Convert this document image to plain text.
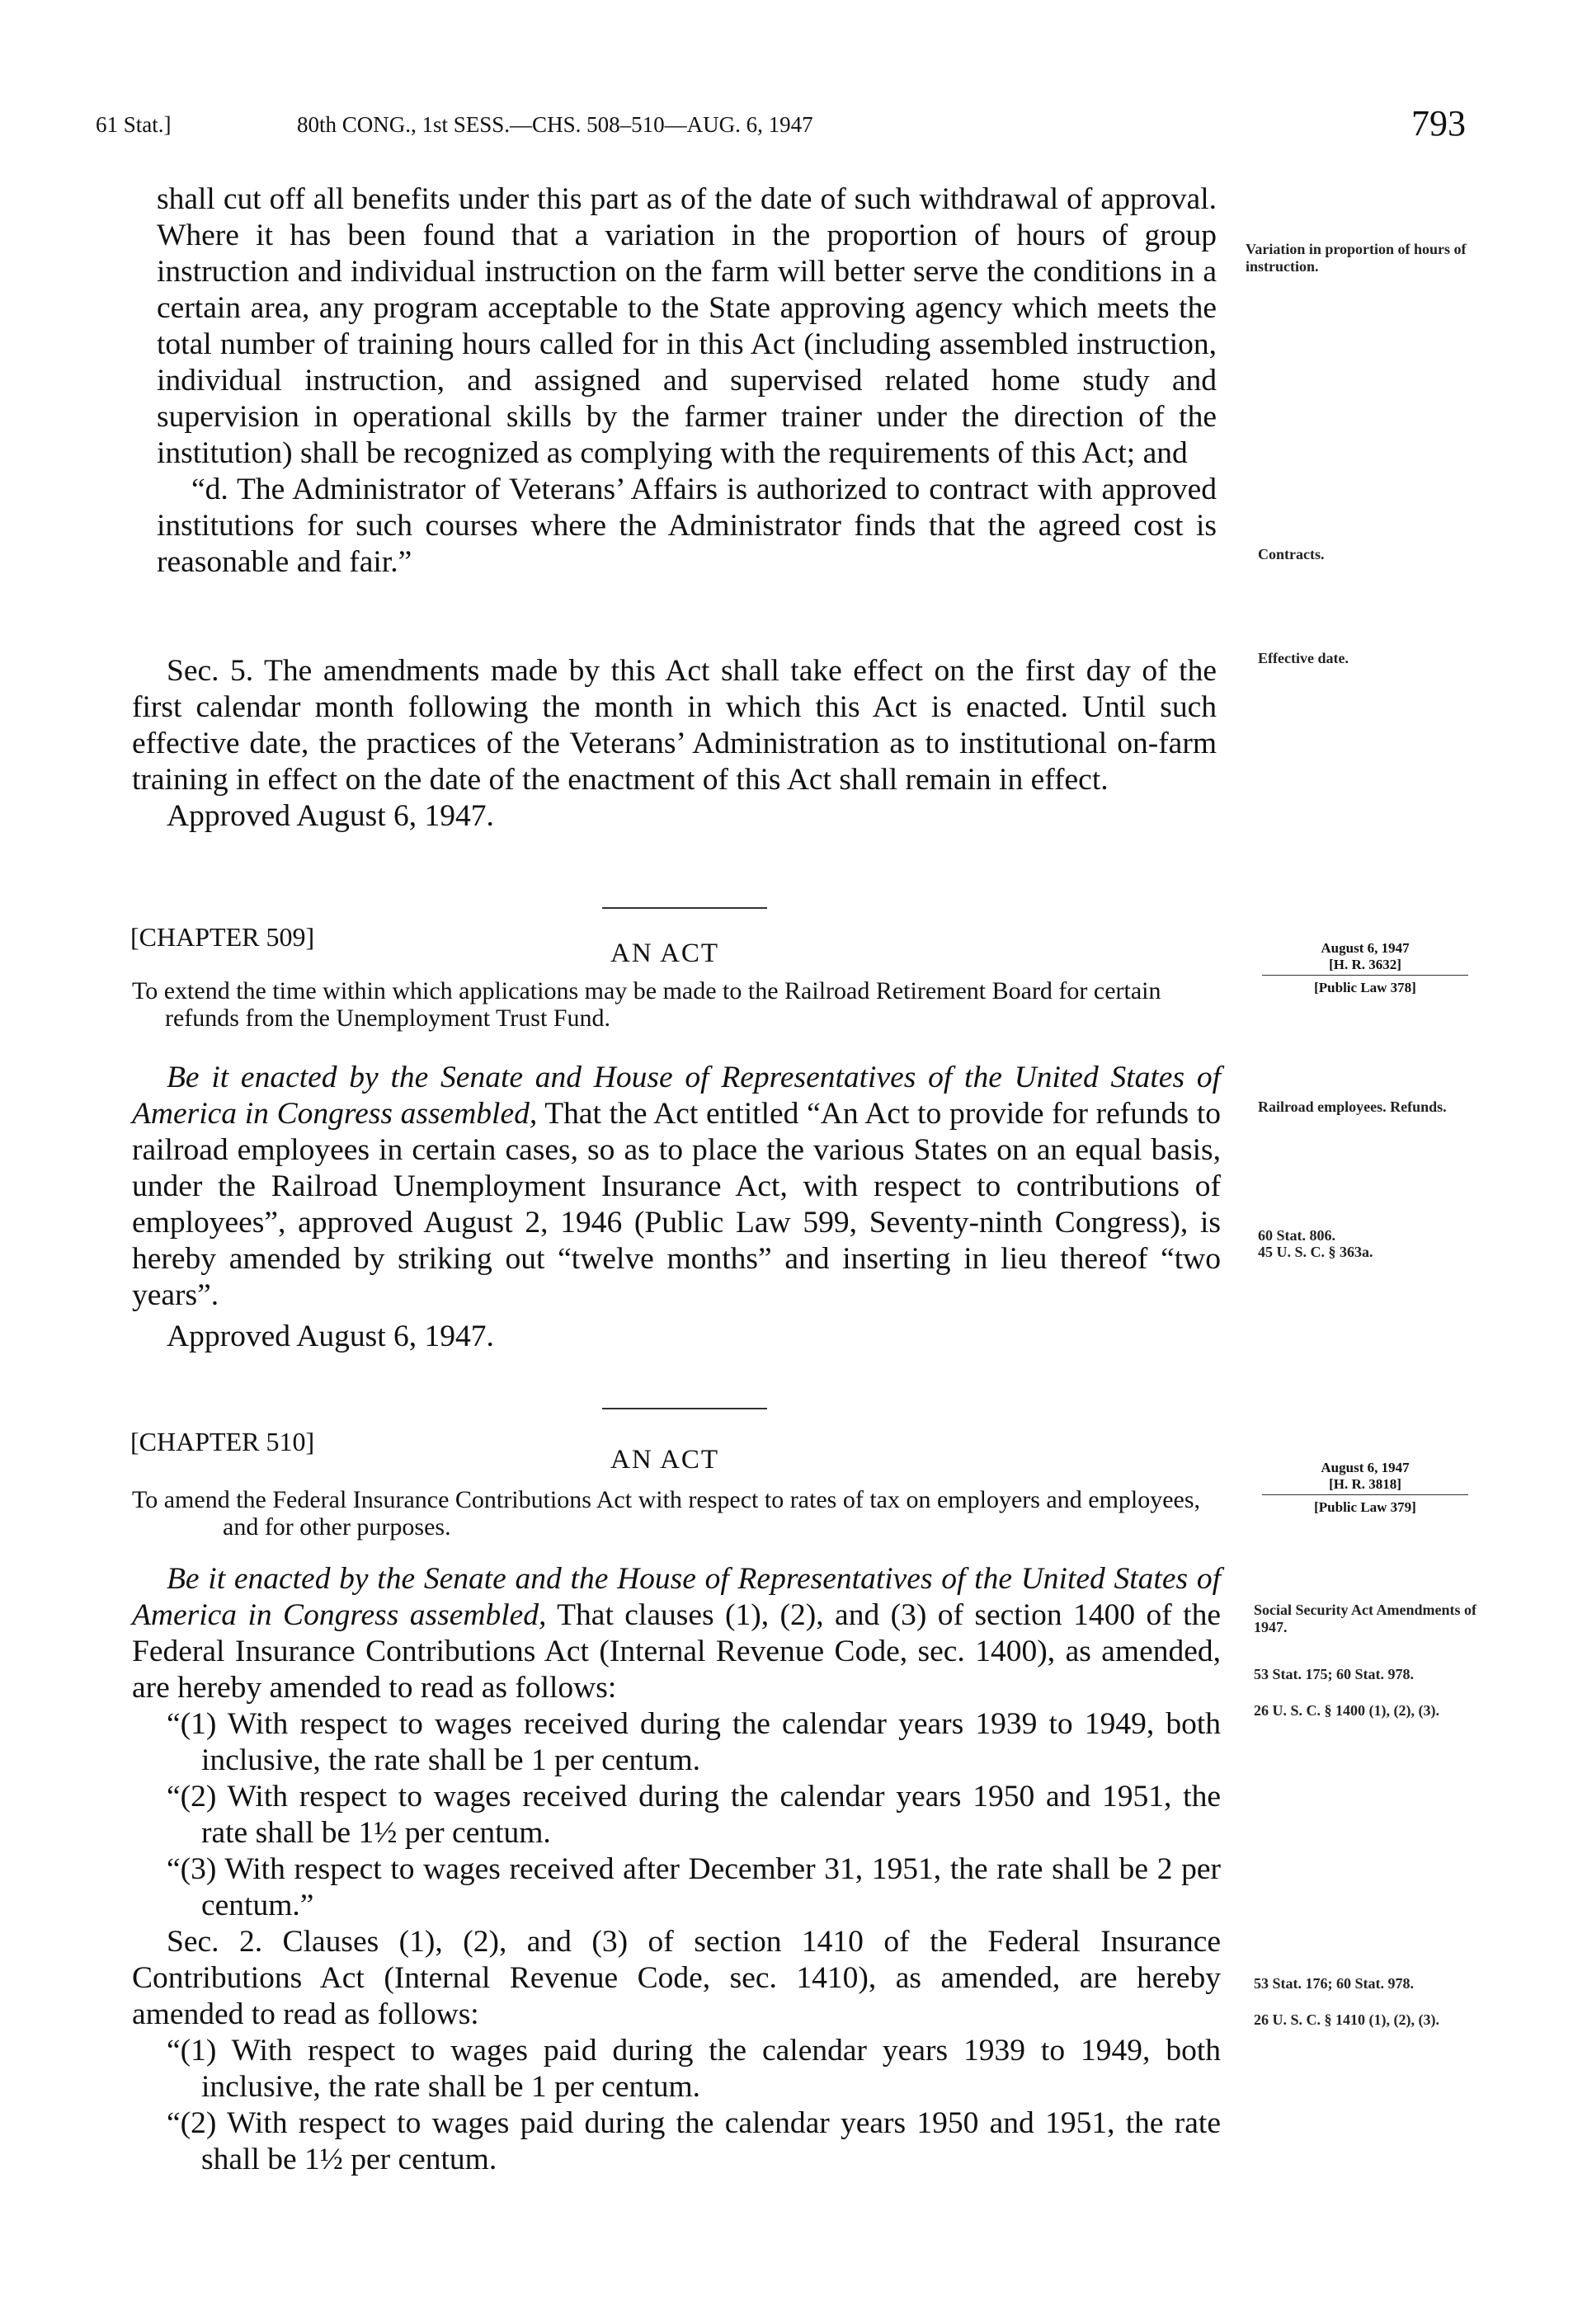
61 Stat.]	80th CONG., 1st SESS.—CHS. 508–510—AUG. 6, 1947	793

shall cut off all benefits under this part as of the date of such withdrawal of approval. Where it has been found that a variation in the proportion of hours of group instruction and individual instruction on the farm will better serve the conditions in a certain area, any program acceptable to the State approving agency which meets the total number of training hours called for in this Act (including assembled instruction, individual instruction, and assigned and supervised related home study and supervision in operational skills by the farmer trainer under the direction of the institution) shall be recognized as complying with the requirements of this Act; and

“d. The Administrator of Veterans’ Affairs is authorized to contract with approved institutions for such courses where the Administrator finds that the agreed cost is reasonable and fair.”

Sec. 5. The amendments made by this Act shall take effect on the first day of the first calendar month following the month in which this Act is enacted. Until such effective date, the practices of the Veterans’ Administration as to institutional on-farm training in effect on the date of the enactment of this Act shall remain in effect.

Approved August 6, 1947.

Variation in proportion of hours of instruction.
Contracts.
Effective date.
[CHAPTER 509]
AN ACT
To extend the time within which applications may be made to the Railroad Retirement Board for certain refunds from the Unemployment Trust Fund.

Be it enacted by the Senate and House of Representatives of the United States of America in Congress assembled, That the Act entitled “An Act to provide for refunds to railroad employees in certain cases, so as to place the various States on an equal basis, under the Railroad Unemployment Insurance Act, with respect to contributions of employees”, approved August 2, 1946 (Public Law 599, Seventy-ninth Congress), is hereby amended by striking out “twelve months” and inserting in lieu thereof “two years”.

Approved August 6, 1947.

August 6, 1947
[H. R. 3632]
[Public Law 378]
Railroad employees. Refunds.
60 Stat. 806.
45 U. S. C. § 363a.
[CHAPTER 510]
AN ACT
To amend the Federal Insurance Contributions Act with respect to rates of tax on employers and employees, and for other purposes.

Be it enacted by the Senate and the House of Representatives of the United States of America in Congress assembled, That clauses (1), (2), and (3) of section 1400 of the Federal Insurance Contributions Act (Internal Revenue Code, sec. 1400), as amended, are hereby amended to read as follows:

“(1) With respect to wages received during the calendar years 1939 to 1949, both inclusive, the rate shall be 1 per centum.

“(2) With respect to wages received during the calendar years 1950 and 1951, the rate shall be 1½ per centum.

“(3) With respect to wages received after December 31, 1951, the rate shall be 2 per centum.”

Sec. 2. Clauses (1), (2), and (3) of section 1410 of the Federal Insurance Contributions Act (Internal Revenue Code, sec. 1410), as amended, are hereby amended to read as follows:

“(1) With respect to wages paid during the calendar years 1939 to 1949, both inclusive, the rate shall be 1 per centum.

“(2) With respect to wages paid during the calendar years 1950 and 1951, the rate shall be 1½ per centum.

August 6, 1947
[H. R. 3818]
[Public Law 379]
Social Security Act Amendments of 1947.
53 Stat. 175; 60 Stat. 978.
26 U. S. C. § 1400 (1), (2), (3).
53 Stat. 176; 60 Stat. 978.
26 U. S. C. § 1410 (1), (2), (3).
